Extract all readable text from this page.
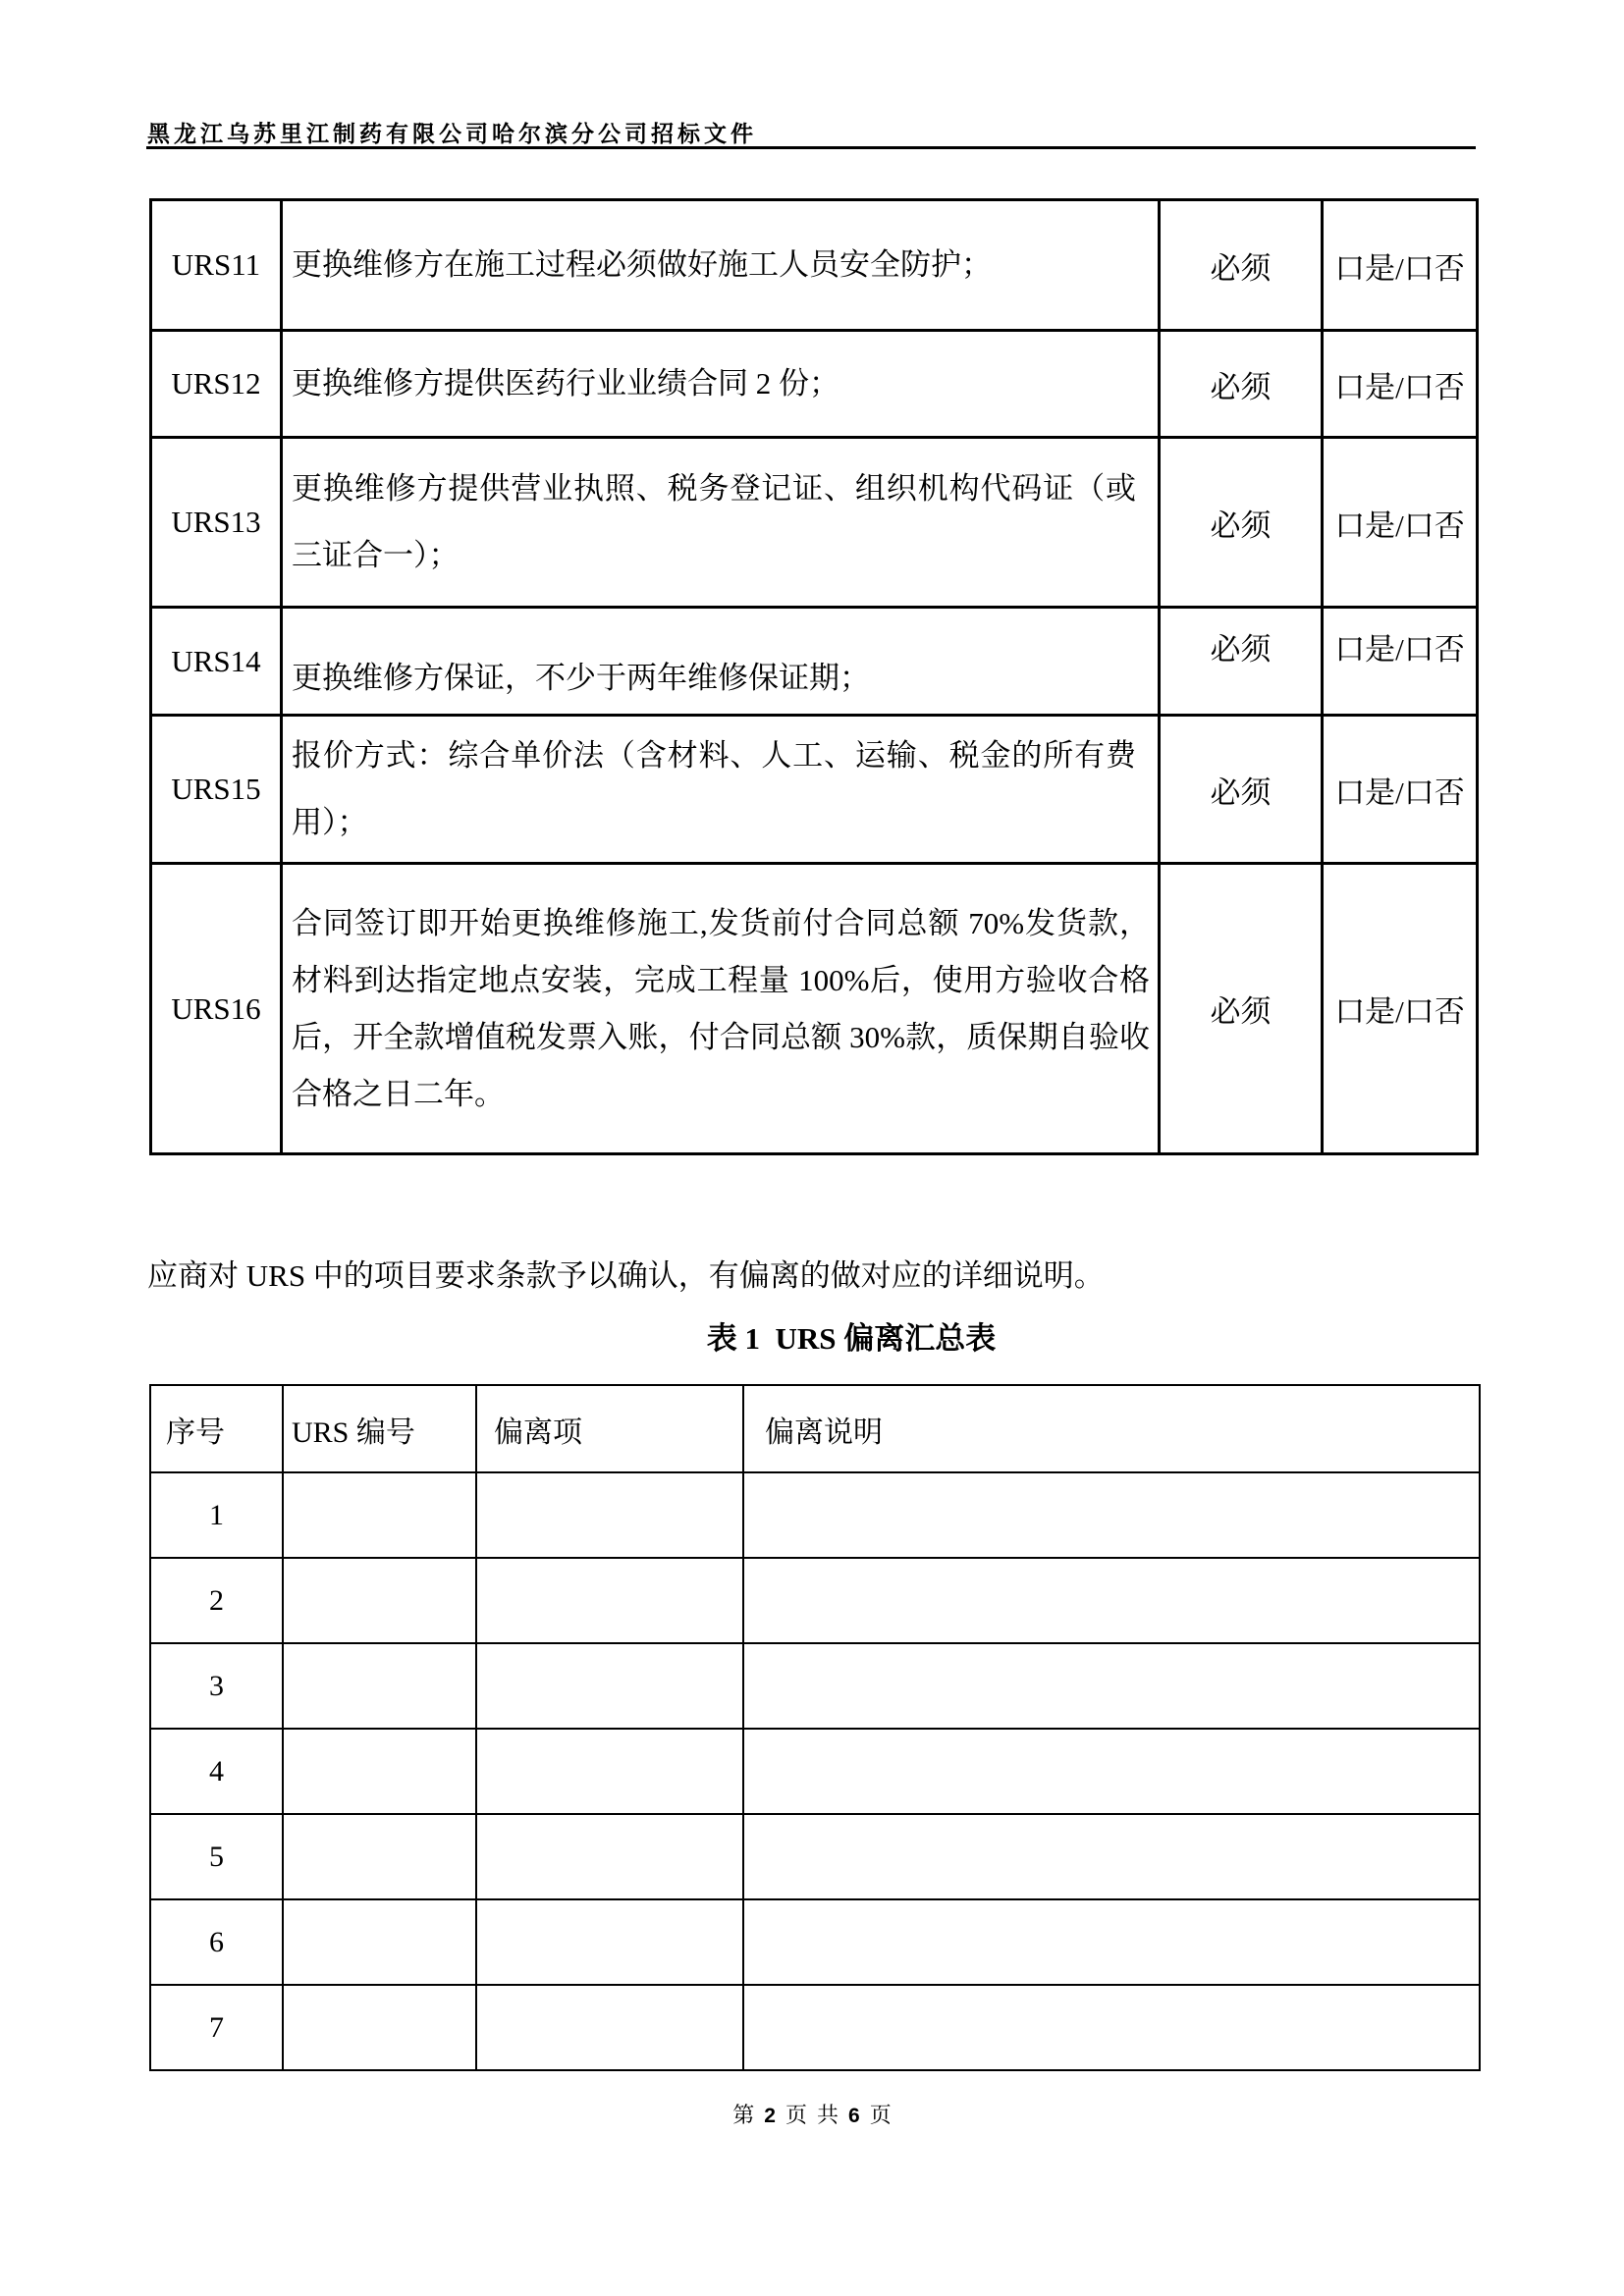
黑龙江乌苏里江制药有限公司哈尔滨分公司招标文件
URS11	更换维修方在施工过程必须做好施工人员安全防护；	必须	口是/口否
URS12	更换维修方提供医药行业业绩合同 2 份；	必须	口是/口否
URS13	更换维修方提供营业执照、税务登记证、组织机构代码证（或三证合一）；	必须	口是/口否
URS14	更换维修方保证，不少于两年维修保证期；	必须	口是/口否
URS15	报价方式：综合单价法（含材料、人工、运输、税金的所有费用）；	必须	口是/口否
URS16	合同签订即开始更换维修施工,发货前付合同总额 70%发货款，材料到达指定地点安装，完成工程量 100%后，使用方验收合格后，开全款增值税发票入账，付合同总额 30%款，质保期自验收合格之日二年。	必须	口是/口否
应商对 URS 中的项目要求条款予以确认，有偏离的做对应的详细说明。
表 1  URS 偏离汇总表
序号	URS 编号	偏离项	偏离说明
1			
2			
3			
4			
5			
6			
7			
第 2 页 共 6 页
